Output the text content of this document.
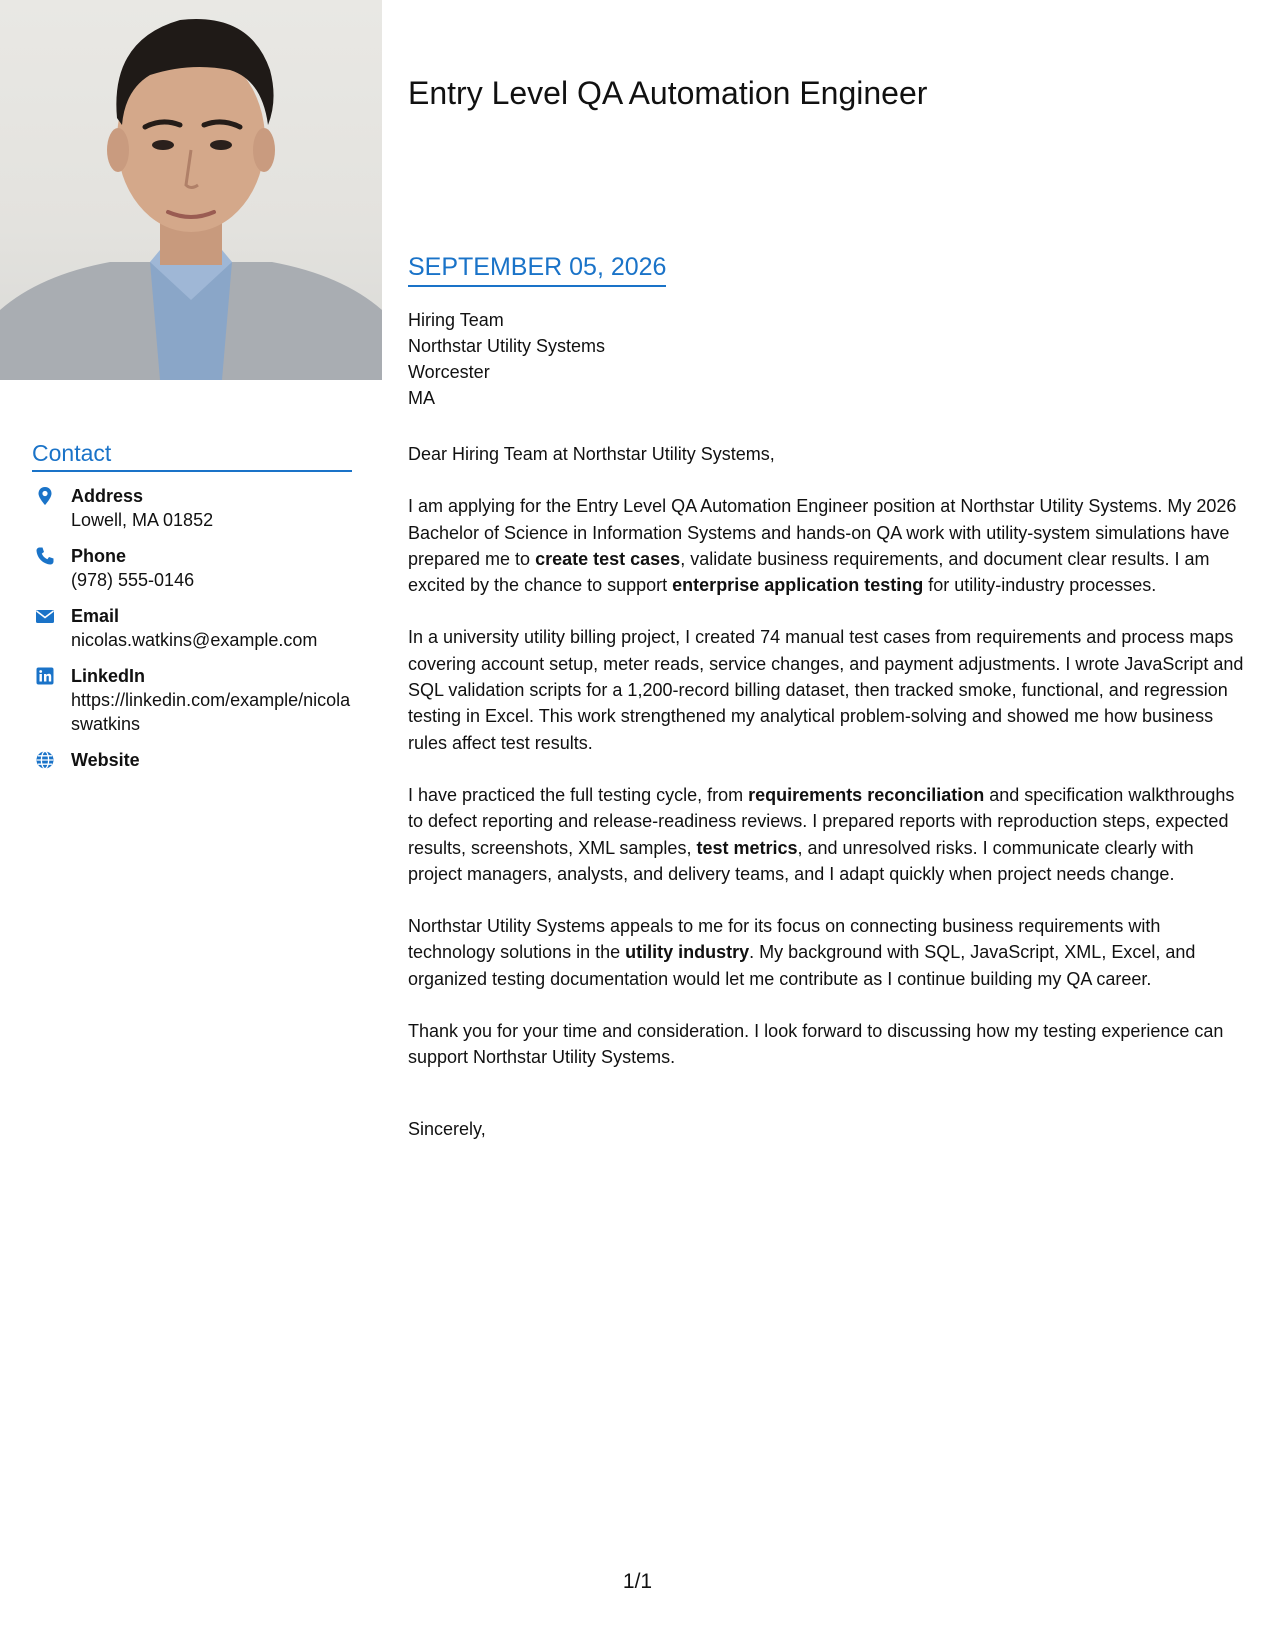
Contact
Address
Lowell, MA 01852
Phone
(978) 555-0146
Email
nicolas.watkins@example.com
LinkedIn
https://linkedin.com/example/nicolaswatkins
Website
Entry Level QA Automation Engineer
SEPTEMBER 05, 2026
Hiring Team
Northstar Utility Systems
Worcester
MA

Dear Hiring Team at Northstar Utility Systems,

I am applying for the Entry Level QA Automation Engineer position at Northstar Utility Systems. My 2026 Bachelor of Science in Information Systems and hands-on QA work with utility-system simulations have prepared me to create test cases, validate business requirements, and document clear results. I am excited by the chance to support enterprise application testing for utility-industry processes.

In a university utility billing project, I created 74 manual test cases from requirements and process maps covering account setup, meter reads, service changes, and payment adjustments. I wrote JavaScript and SQL validation scripts for a 1,200-record billing dataset, then tracked smoke, functional, and regression testing in Excel. This work strengthened my analytical problem-solving and showed me how business rules affect test results.

I have practiced the full testing cycle, from requirements reconciliation and specification walkthroughs to defect reporting and release-readiness reviews. I prepared reports with reproduction steps, expected results, screenshots, XML samples, test metrics, and unresolved risks. I communicate clearly with project managers, analysts, and delivery teams, and I adapt quickly when project needs change.

Northstar Utility Systems appeals to me for its focus on connecting business requirements with technology solutions in the utility industry. My background with SQL, JavaScript, XML, Excel, and organized testing documentation would let me contribute as I continue building my QA career.

Thank you for your time and consideration. I look forward to discussing how my testing experience can support Northstar Utility Systems.

Sincerely,
1/1
